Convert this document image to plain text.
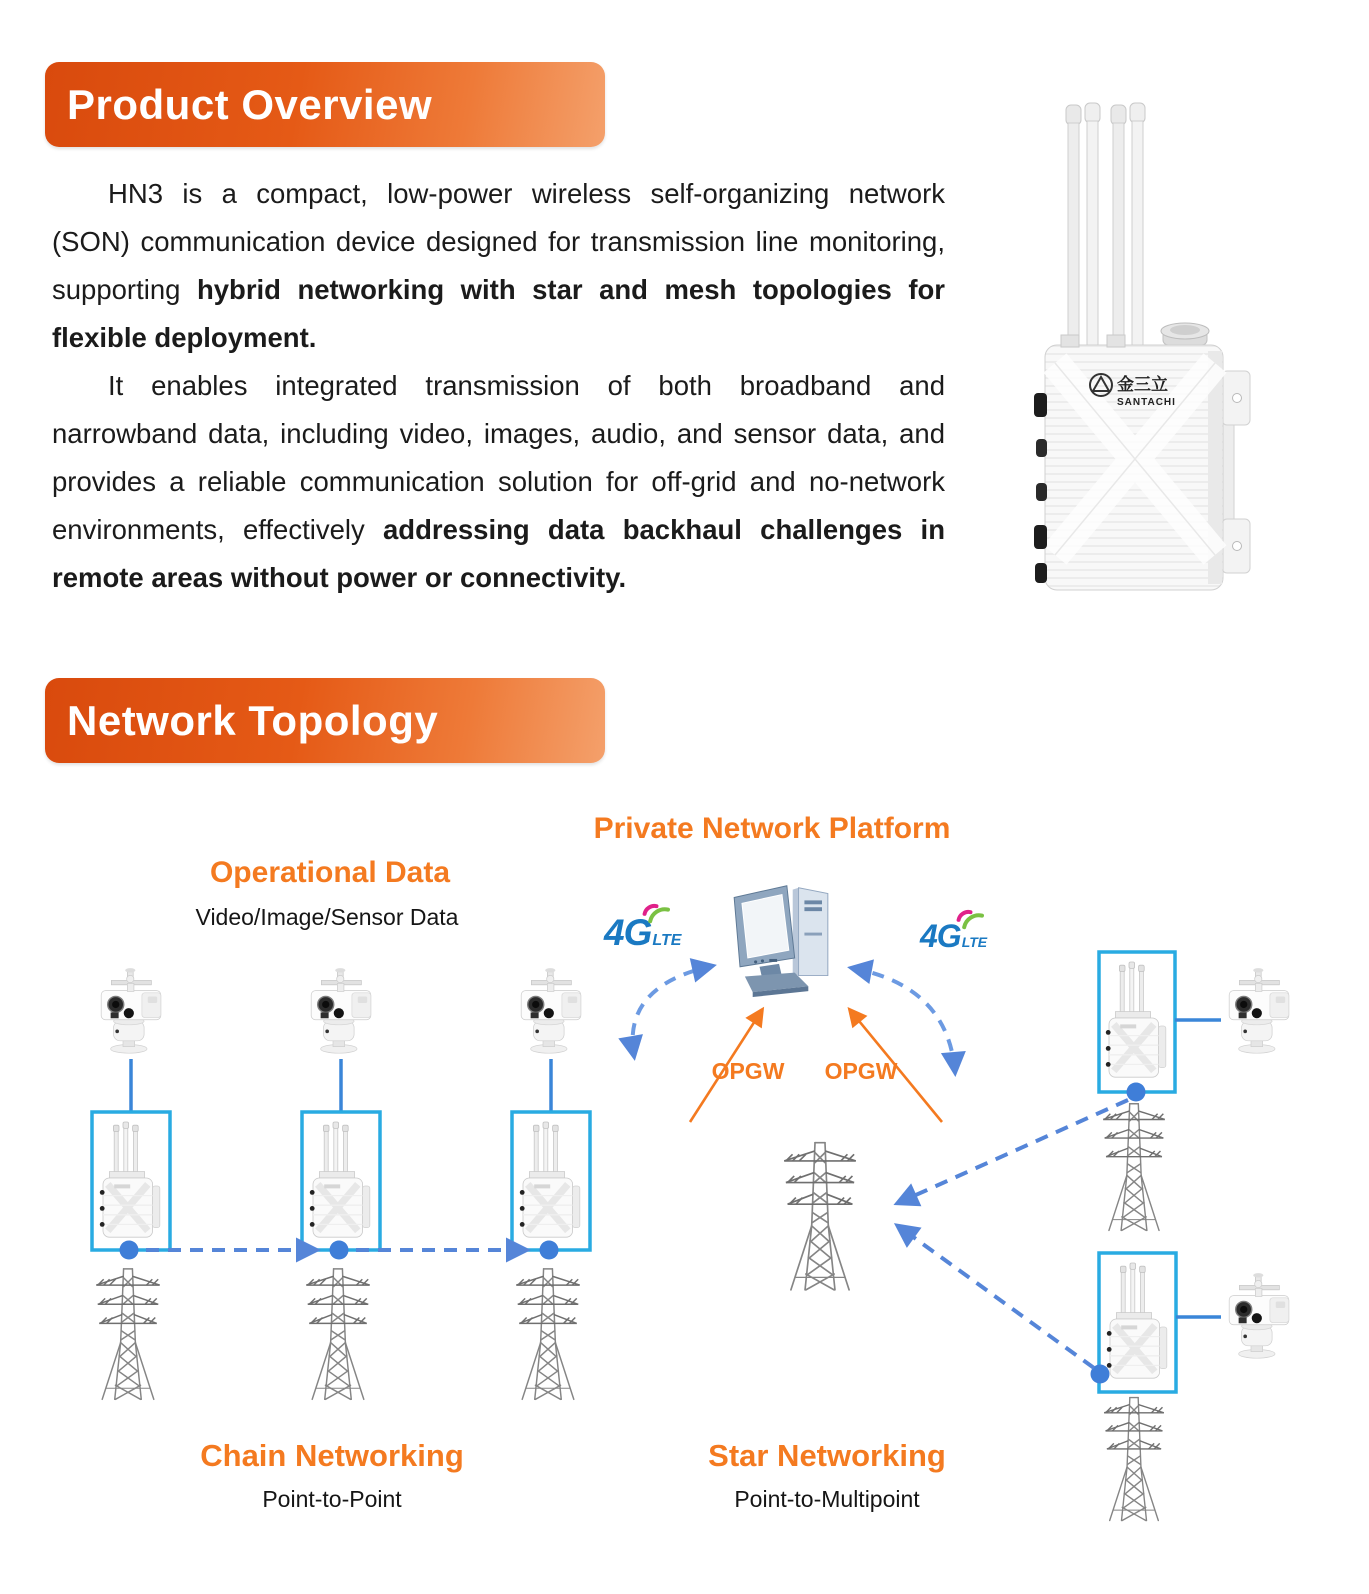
Product Overview

HN3 is a compact, low-power wireless self-organizing network (SON) communication device designed for transmission line monitoring, supporting hybrid networking with star and mesh topologies for flexible deployment.

It enables integrated transmission of both broadband and narrowband data, including video, images, audio, and sensor data, and provides a reliable communication solution for off-grid and no-network environments, effectively addressing data backhaul challenges in remote areas without power or connectivity.

金三立
SANTACHI
Network Topology
Private Network Platform
Operational Data
Video/Image/Sensor Data	4GLTE	4GLTE
OPGW OPGW
Chain Networking
Point-to-Point
Star Networking
Point-to-Multipoint
